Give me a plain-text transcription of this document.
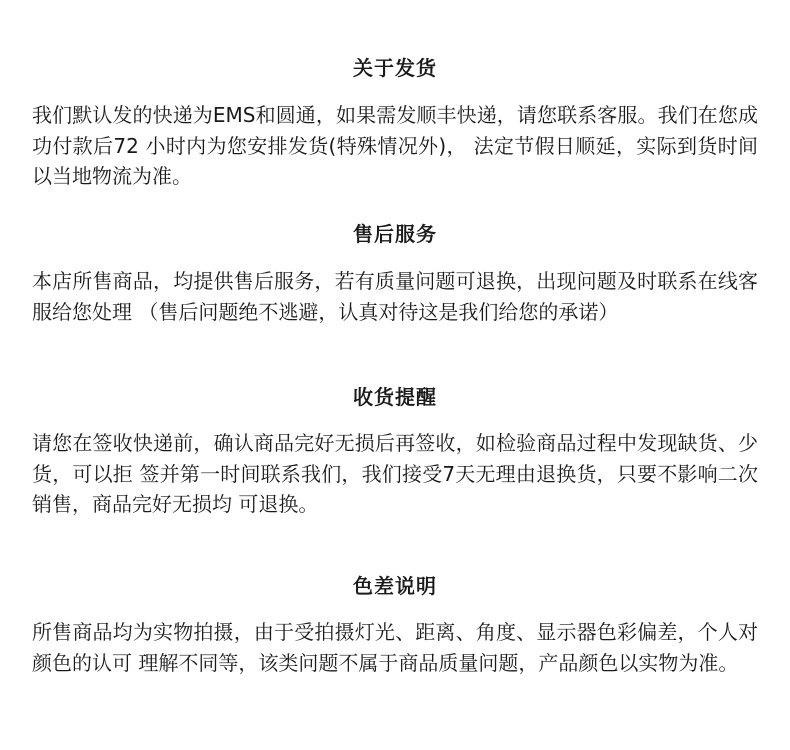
关于发货

我们默认发的快递为EMS和圆通，如果需发顺丰快递，请您联系客服。我们在您成功付款后72 小时内为您安排发货(特殊情况外)， 法定节假日顺延，实际到货时间以当地物流为准。

售后服务

本店所售商品，均提供售后服务，若有质量问题可退换，出现问题及时联系在线客服给您处理 （售后问题绝不逃避，认真对待这是我们给您的承诺）

收货提醒

请您在签收快递前，确认商品完好无损后再签收，如检验商品过程中发现缺货、少货，可以拒 签并第一时间联系我们，我们接受7天无理由退换货，只要不影响二次销售，商品完好无损均 可退换。

色差说明

所售商品均为实物拍摄，由于受拍摄灯光、距离、角度、显示器色彩偏差，个人对颜色的认可 理解不同等，该类问题不属于商品质量问题，产品颜色以实物为准。
